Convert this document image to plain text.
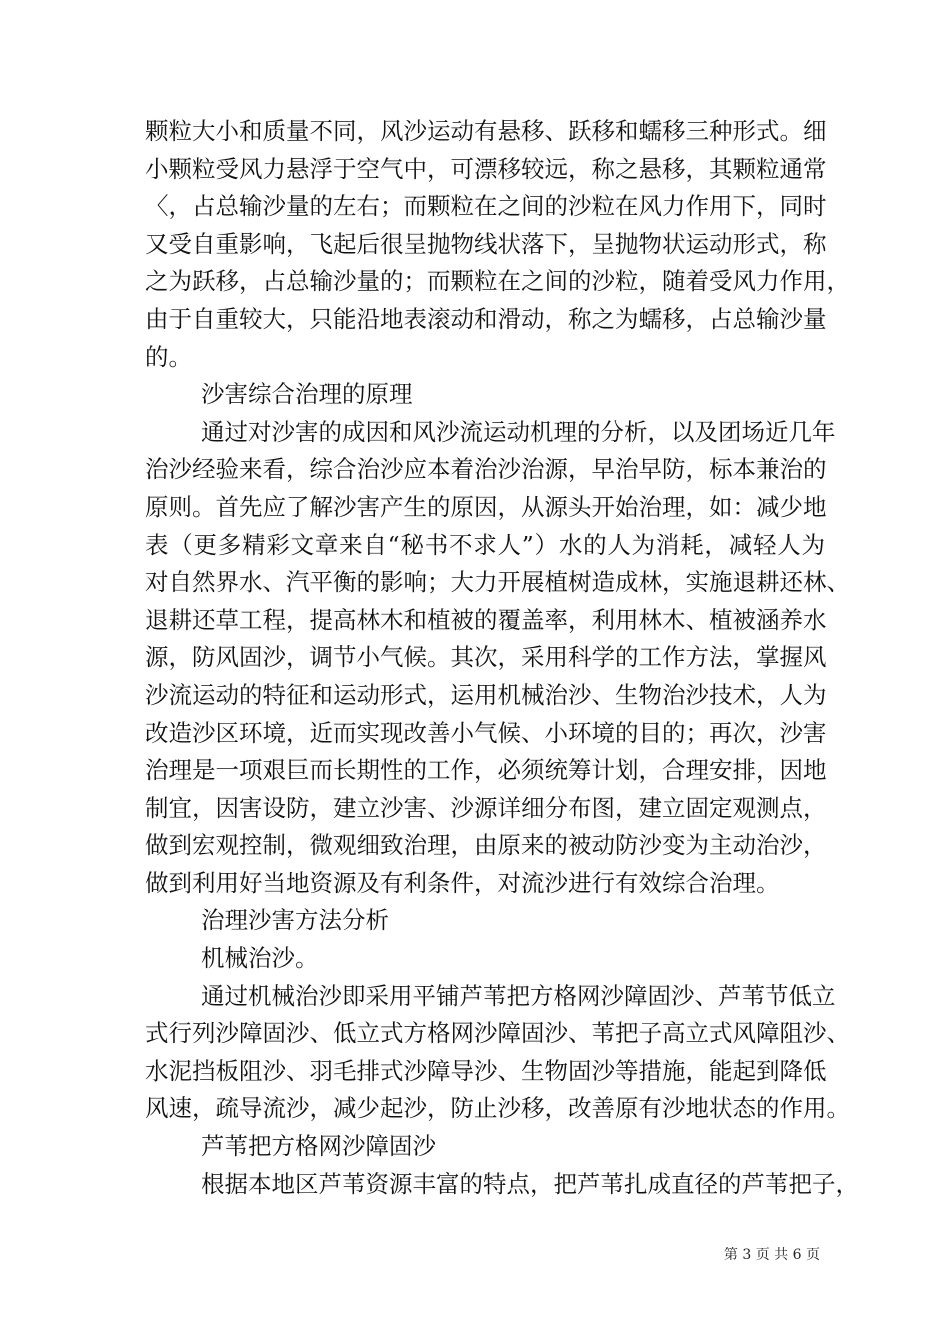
颗粒大小和质量不同，风沙运动有悬移、跃移和蠕移三种形式。细
小颗粒受风力悬浮于空气中，可漂移较远，称之悬移，其颗粒通常
〈，占总输沙量的左右；而颗粒在之间的沙粒在风力作用下，同时
又受自重影响，飞起后很呈抛物线状落下，呈抛物状运动形式，称
之为跃移，占总输沙量的；而颗粒在之间的沙粒，随着受风力作用，
由于自重较大，只能沿地表滚动和滑动，称之为蠕移，占总输沙量
的。
沙害综合治理的原理
通过对沙害的成因和风沙流运动机理的分析，以及团场近几年
治沙经验来看，综合治沙应本着治沙治源，早治早防，标本兼治的
原则。首先应了解沙害产生的原因，从源头开始治理，如：减少地
表（更多精彩文章来自“秘书不求人”）水的人为消耗，减轻人为
对自然界水、汽平衡的影响；大力开展植树造成林，实施退耕还林、
退耕还草工程，提高林木和植被的覆盖率，利用林木、植被涵养水
源，防风固沙，调节小气候。其次，采用科学的工作方法，掌握风
沙流运动的特征和运动形式，运用机械治沙、生物治沙技术，人为
改造沙区环境，近而实现改善小气候、小环境的目的；再次，沙害
治理是一项艰巨而长期性的工作，必须统筹计划，合理安排，因地
制宜，因害设防，建立沙害、沙源详细分布图，建立固定观测点，
做到宏观控制，微观细致治理，由原来的被动防沙变为主动治沙，
做到利用好当地资源及有利条件，对流沙进行有效综合治理。
治理沙害方法分析
机械治沙。
通过机械治沙即采用平铺芦苇把方格网沙障固沙、芦苇节低立
式行列沙障固沙、低立式方格网沙障固沙、苇把子高立式风障阻沙、
水泥挡板阻沙、羽毛排式沙障导沙、生物固沙等措施，能起到降低
风速，疏导流沙，减少起沙，防止沙移，改善原有沙地状态的作用。
芦苇把方格网沙障固沙
根据本地区芦苇资源丰富的特点，把芦苇扎成直径的芦苇把子，
第 3 页 共 6 页
